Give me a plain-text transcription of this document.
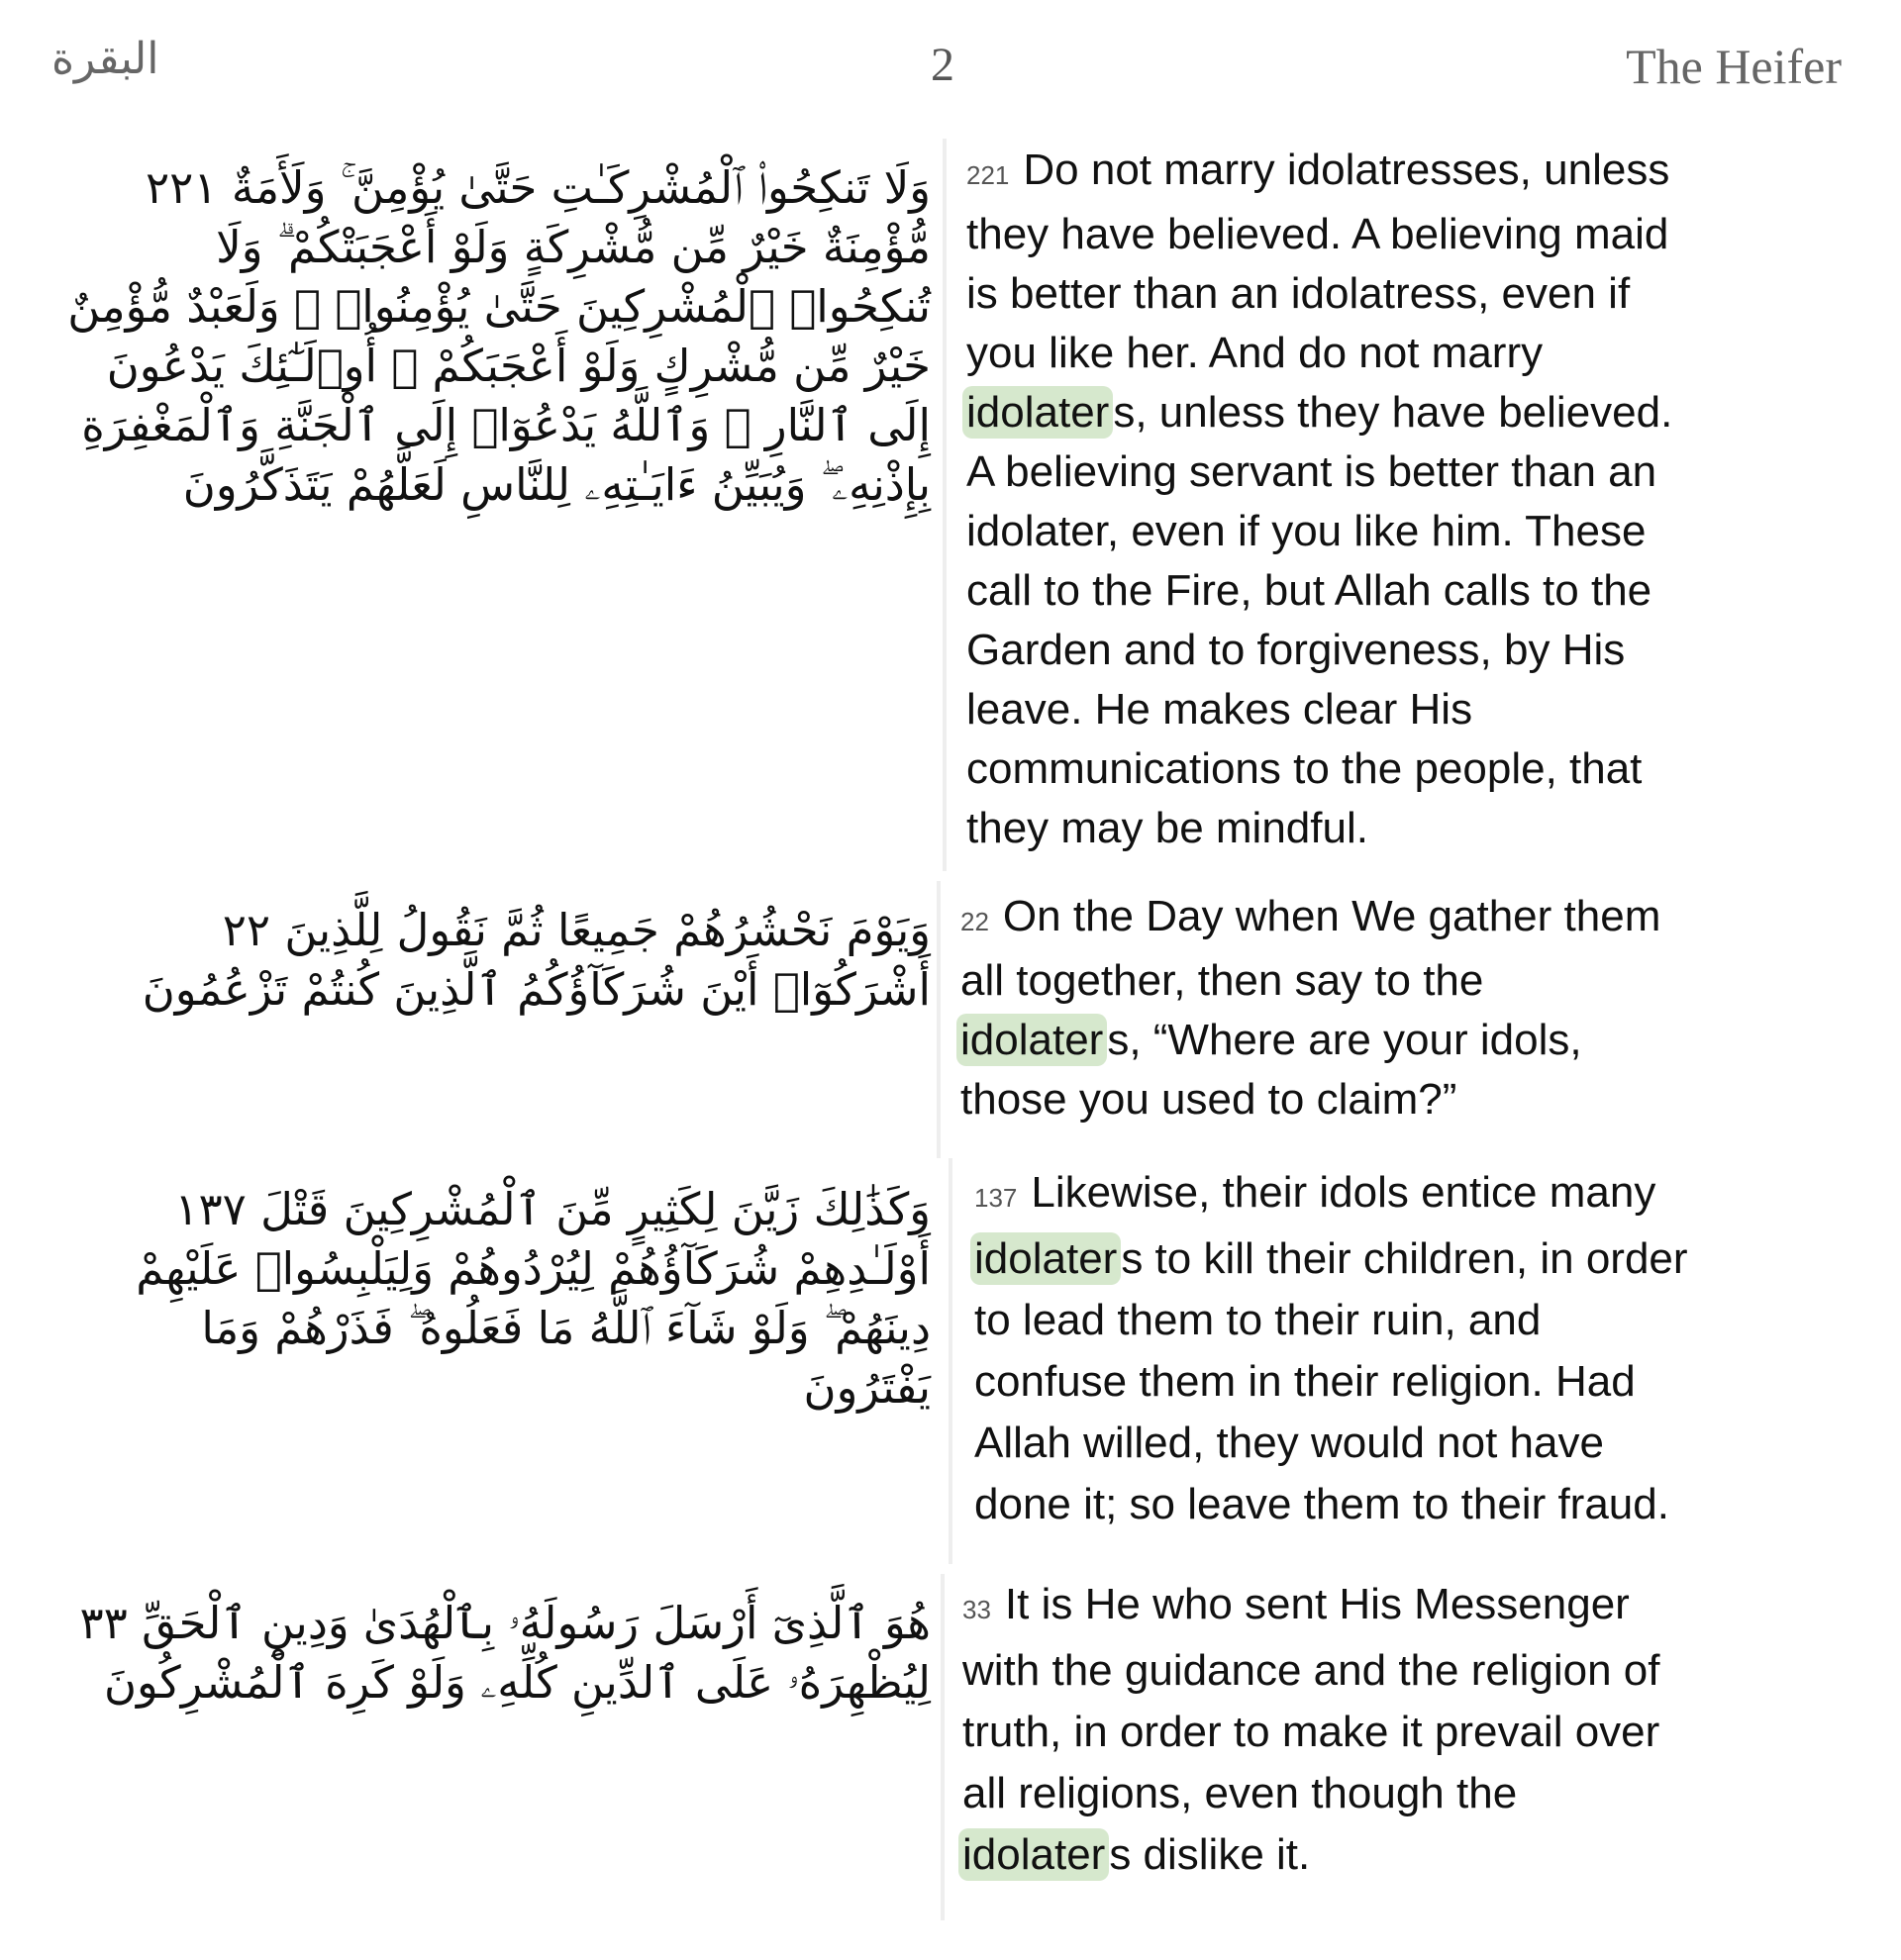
البقرة	2	The Heifer

وَلَا تَنكِحُوا۟ ٱلْمُشْرِكَـٰتِ حَتَّىٰ يُؤْمِنَّ ۚ وَلَأَمَةٌ ٢٢١

مُّؤْمِنَةٌ خَيْرٌ مِّن مُّشْرِكَةٍ وَلَوْ أَعْجَبَتْكُمْ ۗ وَلَا

تُنكِحُوا۟ ٱلْمُشْرِكِينَ حَتَّىٰ يُؤْمِنُوا۟ ۚ وَلَعَبْدٌ مُّؤْمِنٌ

خَيْرٌ مِّن مُّشْرِكٍ وَلَوْ أَعْجَبَكُمْ ۗ أُو۟لَـٰٓئِكَ يَدْعُونَ

إِلَى ٱلنَّارِ ۖ وَٱللَّهُ يَدْعُوٓا۟ إِلَى ٱلْجَنَّةِ وَٱلْمَغْفِرَةِ

بِإِذْنِهِۦ ۖ وَيُبَيِّنُ ءَايَـٰتِهِۦ لِلنَّاسِ لَعَلَّهُمْ يَتَذَكَّرُونَ

221 Do not marry idolatresses, unless

they have believed. A believing maid

is better than an idolatress, even if

you like her. And do not marry

idolaters, unless they have believed.

A believing servant is better than an

idolater, even if you like him. These

call to the Fire, but Allah calls to the

Garden and to forgiveness, by His

leave. He makes clear His

communications to the people, that

they may be mindful.

وَيَوْمَ نَحْشُرُهُمْ جَمِيعًا ثُمَّ نَقُولُ لِلَّذِينَ ٢٢

أَشْرَكُوٓا۟ أَيْنَ شُرَكَآؤُكُمُ ٱلَّذِينَ كُنتُمْ تَزْعُمُونَ

22 On the Day when We gather them

all together, then say to the

idolaters, “Where are your idols,

those you used to claim?”

وَكَذَٰلِكَ زَيَّنَ لِكَثِيرٍ مِّنَ ٱلْمُشْرِكِينَ قَتْلَ ١٣٧

أَوْلَـٰدِهِمْ شُرَكَآؤُهُمْ لِيُرْدُوهُمْ وَلِيَلْبِسُوا۟ عَلَيْهِمْ

دِينَهُمْ ۖ وَلَوْ شَآءَ ٱللَّهُ مَا فَعَلُوهُ ۖ فَذَرْهُمْ وَمَا

يَفْتَرُونَ

137 Likewise, their idols entice many

idolaters to kill their children, in order

to lead them to their ruin, and

confuse them in their religion. Had

Allah willed, they would not have

done it; so leave them to their fraud.

هُوَ ٱلَّذِىٓ أَرْسَلَ رَسُولَهُۥ بِٱلْهُدَىٰ وَدِينِ ٱلْحَقِّ ٣٣

لِيُظْهِرَهُۥ عَلَى ٱلدِّينِ كُلِّهِۦ وَلَوْ كَرِهَ ٱلْمُشْرِكُونَ

33 It is He who sent His Messenger

with the guidance and the religion of

truth, in order to make it prevail over

all religions, even though the

idolaters dislike it.
